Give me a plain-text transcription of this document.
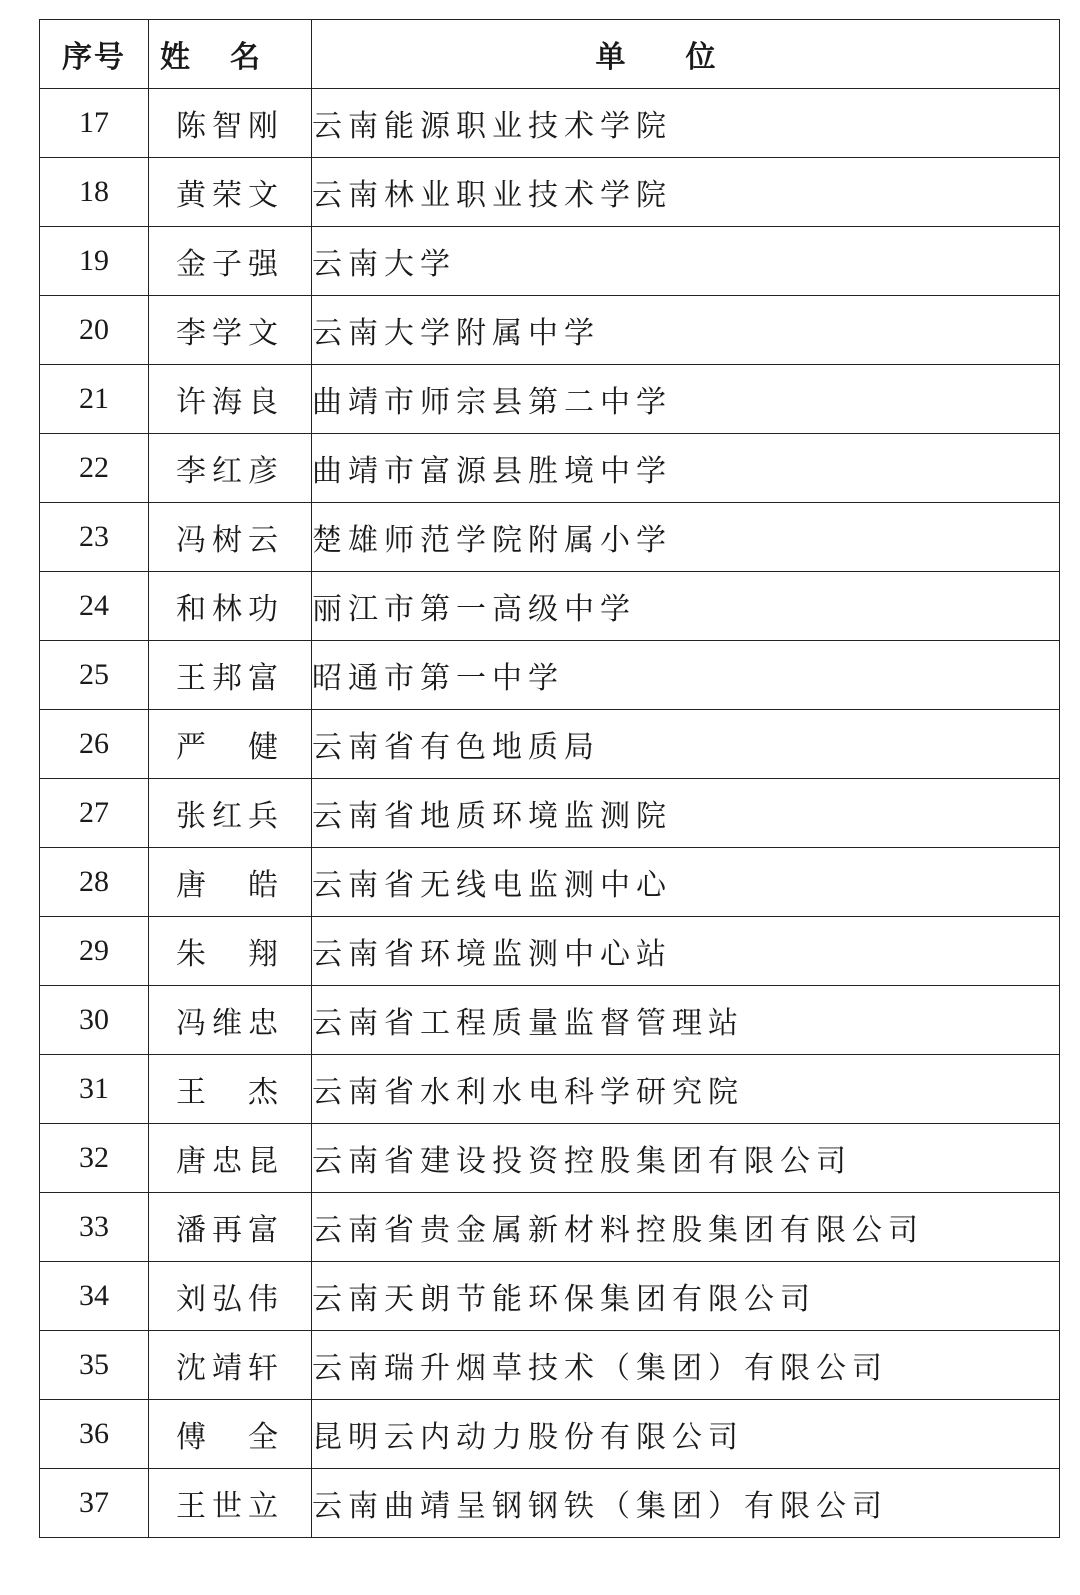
序号	姓名	单位
17	陈智刚	云南能源职业技术学院
18	黄荣文	云南林业职业技术学院
19	金子强	云南大学
20	李学文	云南大学附属中学
21	许海良	曲靖市师宗县第二中学
22	李红彦	曲靖市富源县胜境中学
23	冯树云	楚雄师范学院附属小学
24	和林功	丽江市第一高级中学
25	王邦富	昭通市第一中学
26	严　健	云南省有色地质局
27	张红兵	云南省地质环境监测院
28	唐　皓	云南省无线电监测中心
29	朱　翔	云南省环境监测中心站
30	冯维忠	云南省工程质量监督管理站
31	王　杰	云南省水利水电科学研究院
32	唐忠昆	云南省建设投资控股集团有限公司
33	潘再富	云南省贵金属新材料控股集团有限公司
34	刘弘伟	云南天朗节能环保集团有限公司
35	沈靖轩	云南瑞升烟草技术（集团）有限公司
36	傅　全	昆明云内动力股份有限公司
37	王世立	云南曲靖呈钢钢铁（集团）有限公司
